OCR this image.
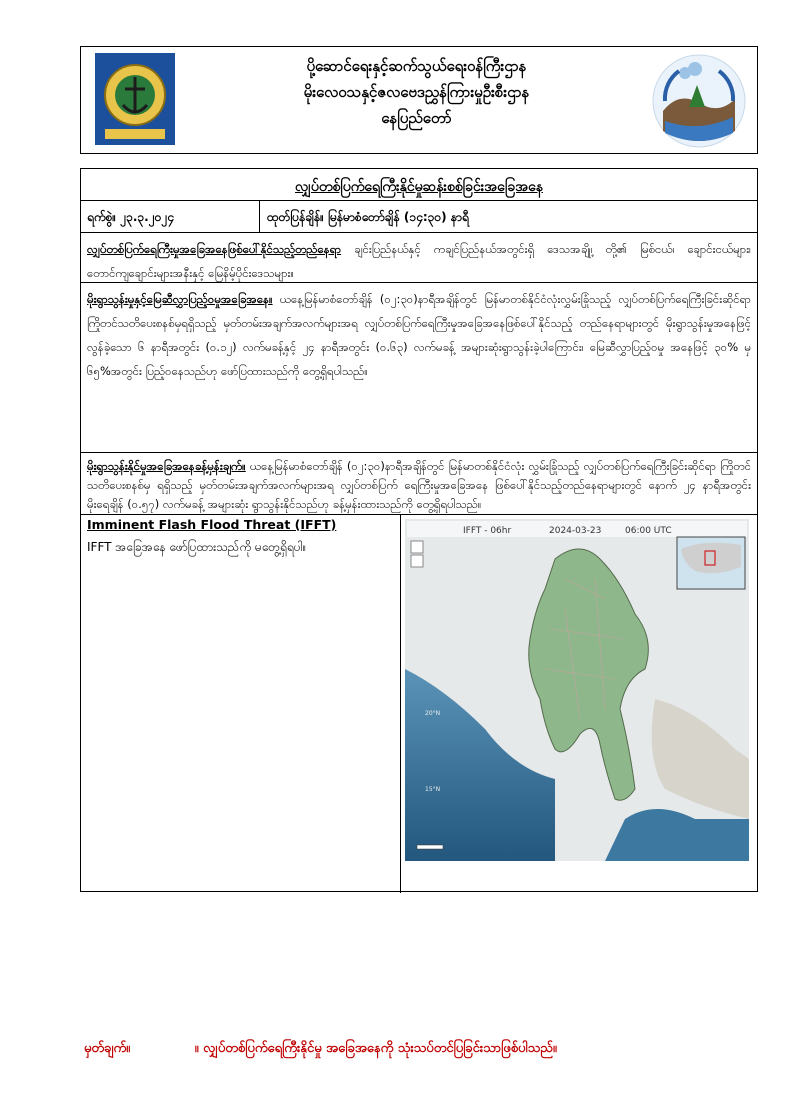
ပို့ဆောင်ရေးနှင့်ဆက်သွယ်ရေးဝန်ကြီးဌာန
မိုးလေဝသနှင့်ဇလဗေဒညွှန်ကြားမှုဦးစီးဌာန
နေပြည်တော်
လျှပ်တစ်ပြက်ရေကြီးနိုင်မှုဆန်းစစ်ခြင်းအခြေအနေ
ရက်စွဲ။ ၂၃.၃.၂၀၂၄	ထုတ်ပြန်ချိန်။ မြန်မာစံတော်ချိန် (၁၄:၃၀) နာရီ
လျှပ်တစ်ပြက်ရေကြီးမှုအခြေအနေဖြစ်ပေါ်နိုင်သည့်တည်နေရာ ချင်းပြည်နယ်နှင့် ကချင်ပြည်နယ်အတွင်းရှိ ဒေသအချို့၊ တို့၏ မြစ်ငယ်၊ ချောင်းငယ်များ၊ တောင်ကျချောင်းများအနီးနှင့် မြေနိမ့်ပိုင်းဒေသများ။
မိုးရွာသွန်းမှုနှင့်မြေဆီလွှာပြည့်ဝမှုအခြေအနေ။ ယနေ့မြန်မာစံတော်ချိန် (၀၂:၃၀)နာရီအချိန်တွင် မြန်မာတစ်နိုင်ငံလုံးလွှမ်းခြုံသည့် လျှပ်တစ်ပြက်ရေကြီးခြင်းဆိုင်ရာ ကြိုတင်သတိပေးစနစ်မှရရှိသည့် မှတ်တမ်းအချက်အလက်များအရ လျှပ်တစ်ပြက်ရေကြီးမှုအခြေအနေဖြစ်ပေါ်နိုင်သည့် တည်နေရာများတွင် မိုးရွာသွန်းမှုအနေဖြင့် လွန်ခဲ့သော ၆ နာရီအတွင်း (၀.၁၂) လက်မခန့်နှင့် ၂၄ နာရီအတွင်း (၀.၆၃) လက်မခန့် အများဆုံးရွာသွန်းခဲ့ပါကြောင်း၊ မြေဆီလွှာပြည့်ဝမှု အနေဖြင့် ၃၀% မှ ၆၅%အတွင်း ပြည့်ဝနေသည်ဟု ဖော်ပြထားသည်ကို တွေ့ရှိရပါသည်။
မိုးရွာသွန်းနိုင်မှုအခြေအနေခန့်မှန်းချက်။ ယနေ့မြန်မာစံတော်ချိန် (၀၂:၃၀)နာရီအချိန်တွင် မြန်မာတစ်နိုင်ငံလုံး လွှမ်းခြုံသည့် လျှပ်တစ်ပြက်ရေကြီးခြင်းဆိုင်ရာ ကြိုတင်သတိပေးစနစ်မှ ရရှိသည့် မှတ်တမ်းအချက်အလက်များအရ လျှပ်တစ်ပြက် ရေကြီးမှုအခြေအနေ ဖြစ်ပေါ်နိုင်သည့်တည်နေရာများတွင် နောက် ၂၄ နာရီအတွင်း မိုးရေချိန် (၀.၅၇) လက်မခန့် အများဆုံး ရွာသွန်းနိုင်သည်ဟု ခန့်မှန်းထားသည်ကို တွေ့ရှိရပါသည်။
Imminent Flash Flood Threat (IFFT)
IFFT အခြေအနေ ဖော်ပြထားသည်ကို မတွေ့ရှိရပါ။
IFFT - 06hr	2024-03-23	06:00 UTC
20°N
15°N
မှတ်ချက်။	။ လျှပ်တစ်ပြက်ရေကြီးနိုင်မှု အခြေအနေကို သုံးသပ်တင်ပြခြင်းသာဖြစ်ပါသည်။
